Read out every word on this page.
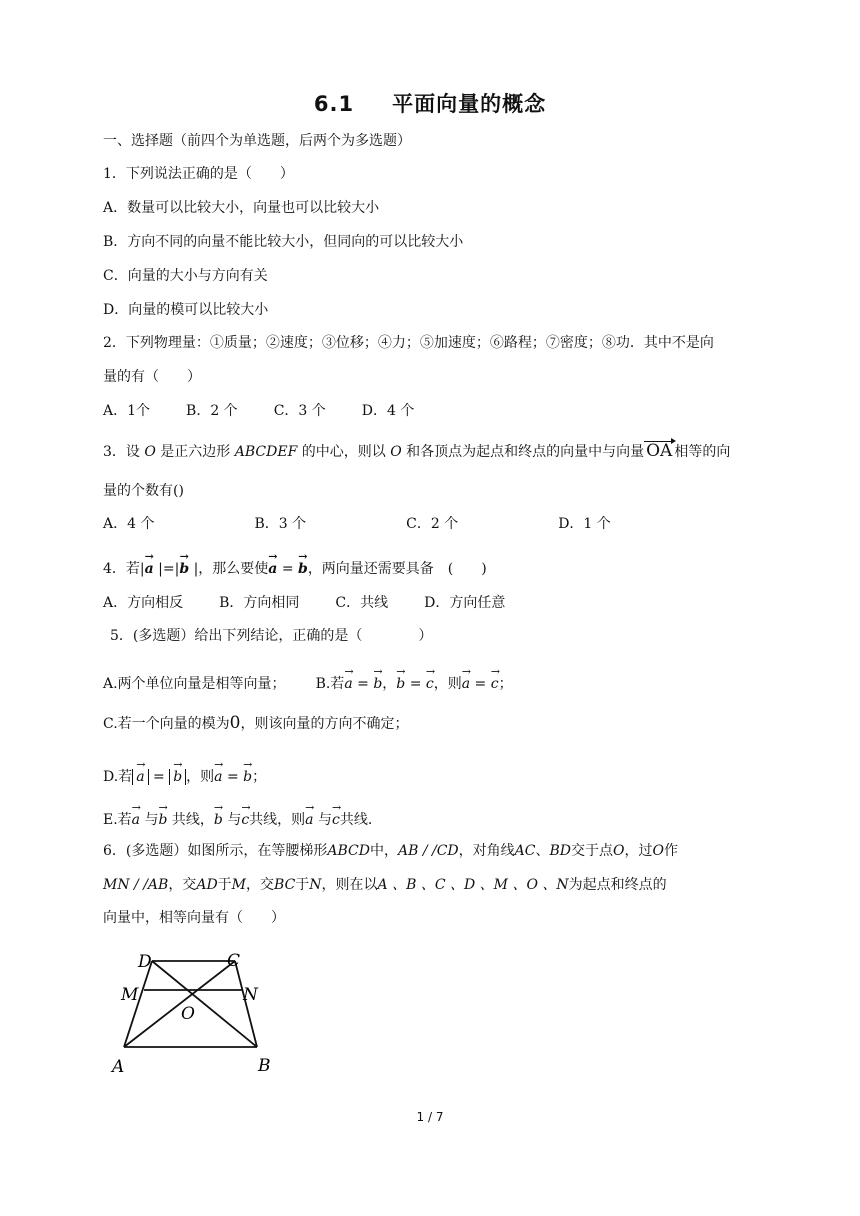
6.1 平面向量的概念
一、选择题（前四个为单选题，后两个为多选题）
1．下列说法正确的是（　　）
A．数量可以比较大小，向量也可以比较大小
B．方向不同的向量不能比较大小，但同向的可以比较大小
C．向量的大小与方向有关
D．向量的模可以比较大小
2．下列物理量：①质量；②速度；③位移；④力；⑤加速度；⑥路程；⑦密度；⑧功．其中不是向
量的有（　　）
A．1个	B．2 个	C．3 个	D．4 个
3．设 O 是正六边形 ABCDEF 的中心，则以 O 和各顶点为起点和终点的向量中与向量 OA 相等的向
量的个数有()
A．4 个	B．3 个	C．2 个	D．1 个
4．若|→ a |=|→ b |，那么要使→ a = → b，两向量还需要具备　(　　)
A．方向相反	B．方向相同	C．共线	D．方向任意
5．(多选题）给出下列结论，正确的是（　　　　）
A.两个单位向量是相等向量； B.若→ a = → b，→ b = → c，则→ a = → c；
C.若一个向量的模为0，则该向量的方向不确定；
D.若→ a = → b ，则→ a = → b；
E.若→ a 与→ b 共线，→ b 与→ c共线，则→ a 与→ c共线.
6．(多选题）如图所示，在等腰梯形ABCD中，AB / /CD，对角线AC、BD交于点O，过O作
MN / /AB，交AD于M，交BC于N，则在以A 、B 、C 、D 、M 、O 、N为起点和终点的
向量中，相等向量有（　　）
D	C
M	N
O
A	B
1 / 7
